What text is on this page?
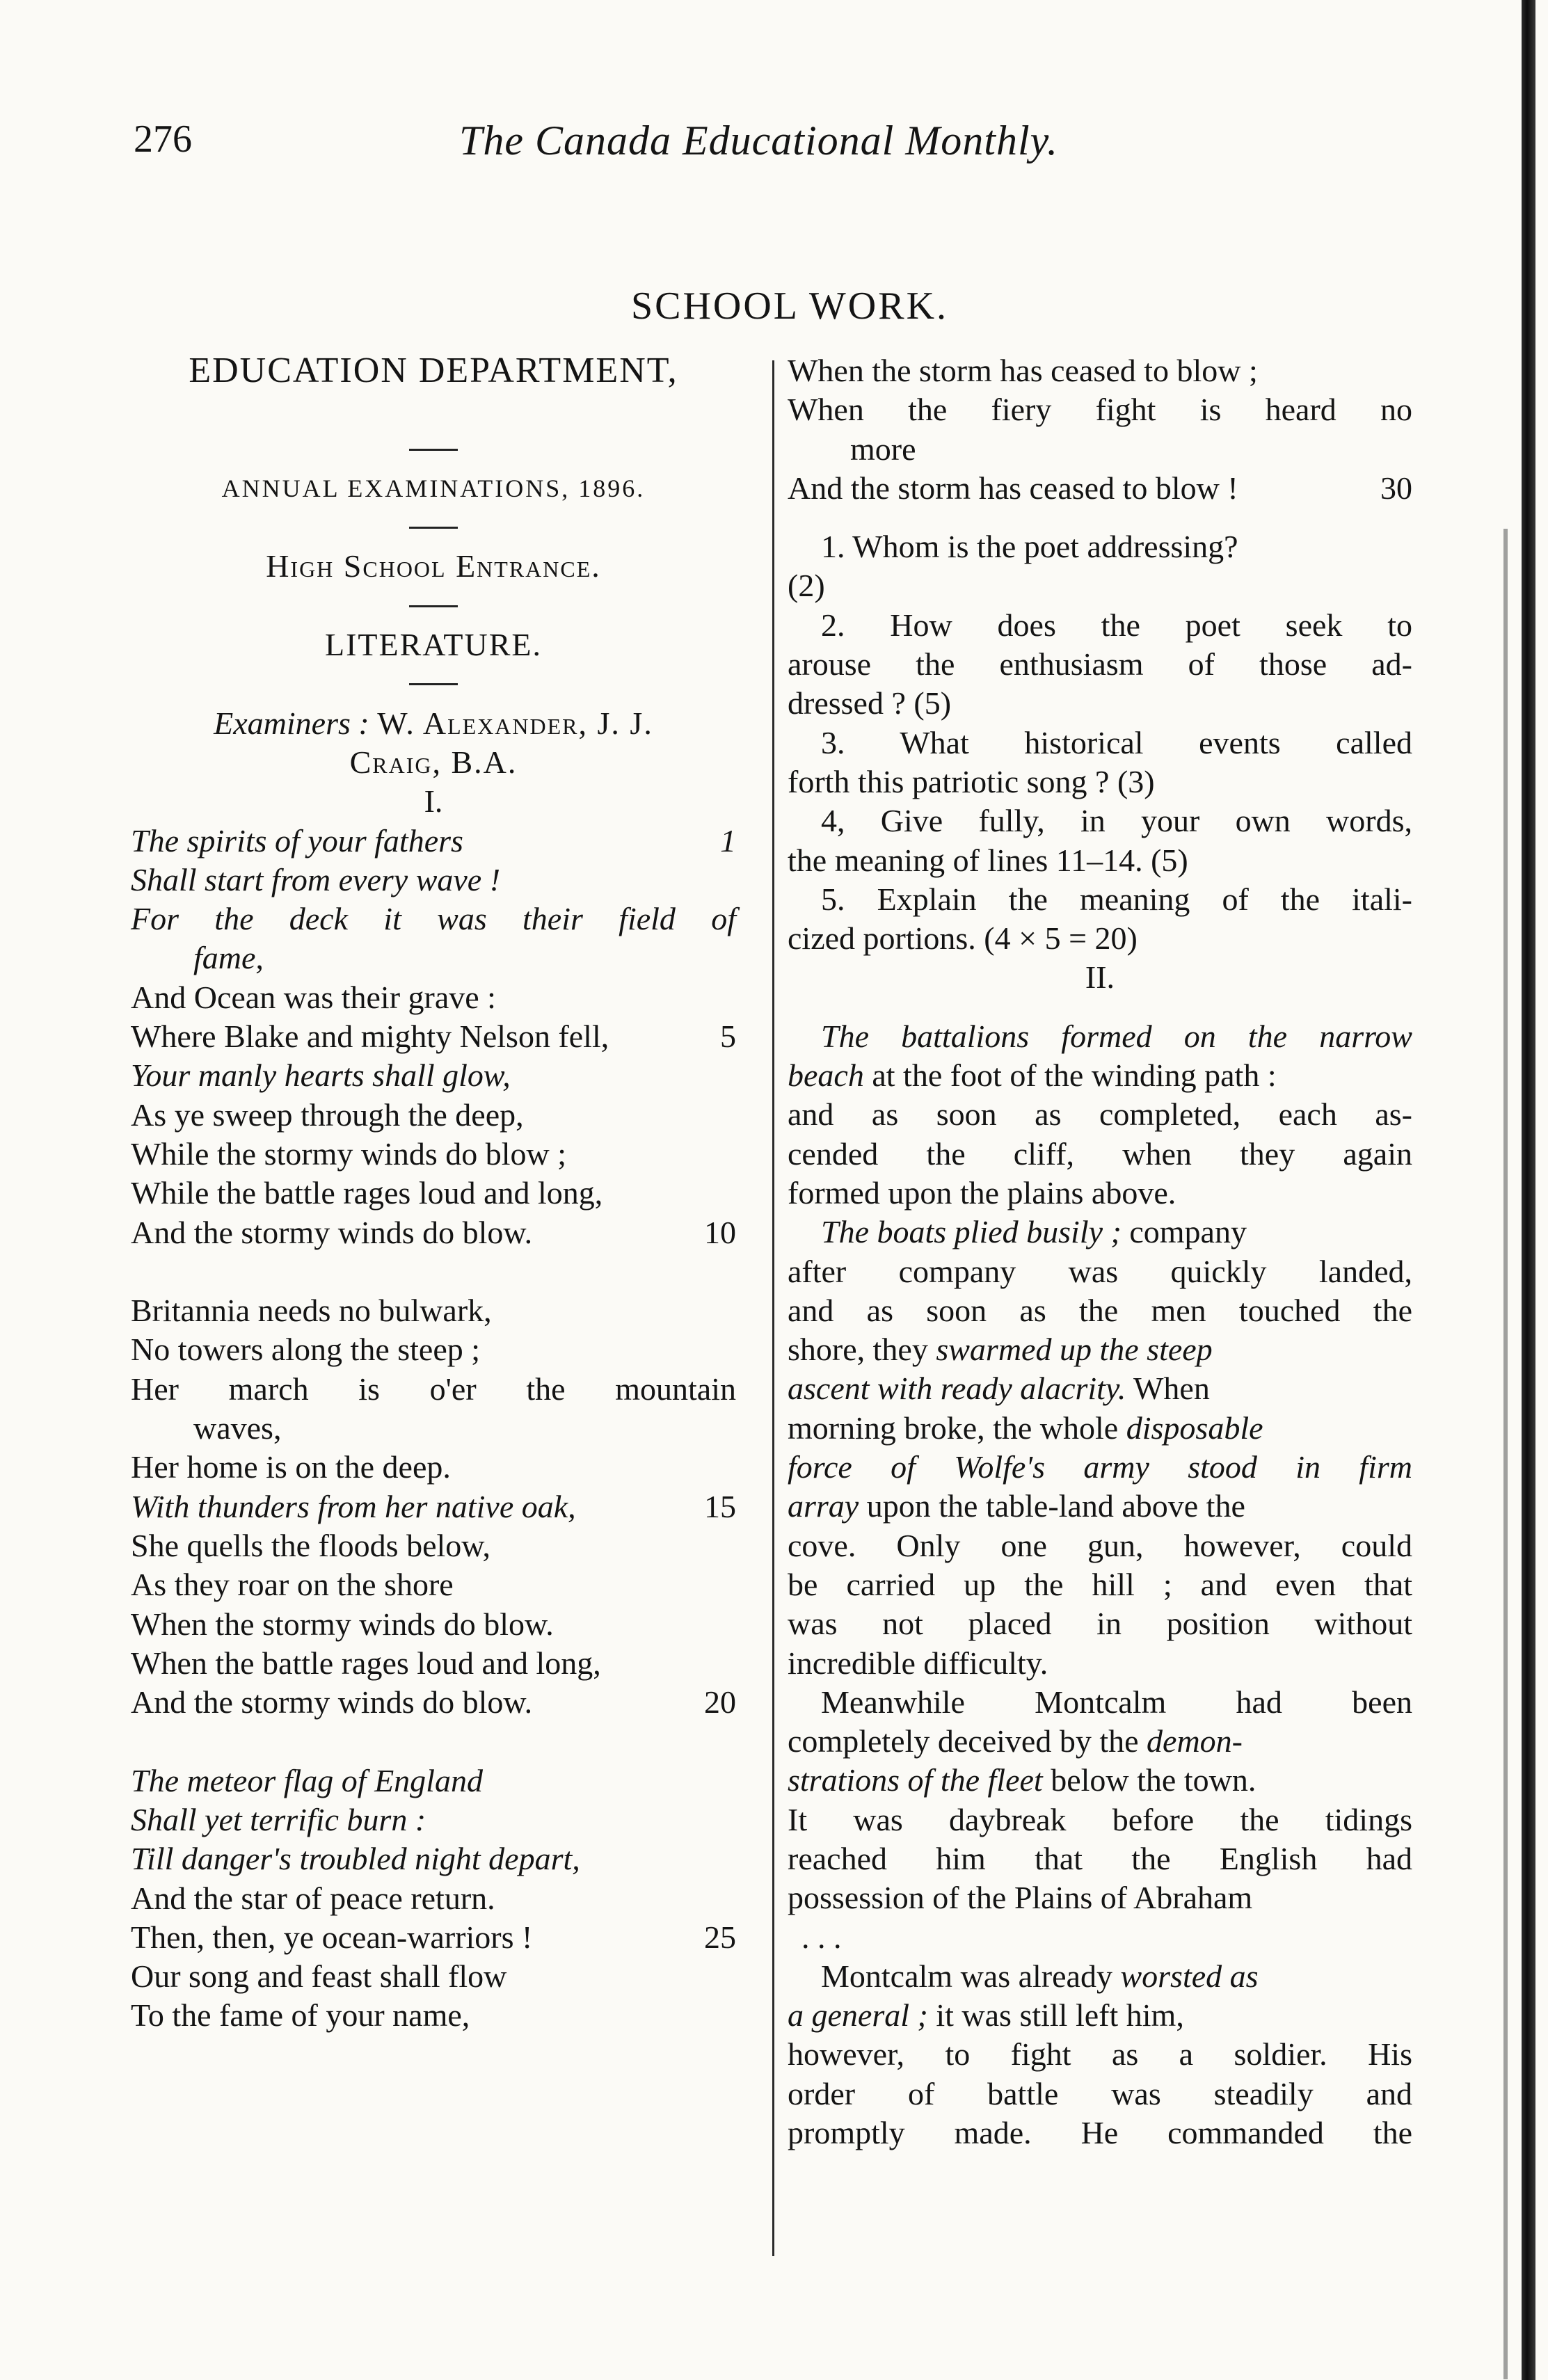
276	The Canada Educational Monthly.
SCHOOL WORK.
EDUCATION DEPARTMENT,
ANNUAL EXAMINATIONS, 1896.
High School Entrance.
LITERATURE.
Examiners : W. Alexander, J. J.
Craig, B.A.
I.
The spirits of your fathers	1
Shall start from every wave !
For the deck it was their field of
fame,
And Ocean was their grave :
Where Blake and mighty Nelson fell,	5
Your manly hearts shall glow,
As ye sweep through the deep,
While the stormy winds do blow ;
While the battle rages loud and long,
And the stormy winds do blow.	10
Britannia needs no bulwark,
No towers along the steep ;
Her march is o'er the mountain
waves,
Her home is on the deep.
With thunders from her native oak,	15
She quells the floods below,
As they roar on the shore
When the stormy winds do blow.
When the battle rages loud and long,
And the stormy winds do blow.	20
The meteor flag of England
Shall yet terrific burn :
Till danger's troubled night depart,
And the star of peace return.
Then, then, ye ocean-warriors !	25
Our song and feast shall flow
To the fame of your name,
When the storm has ceased to blow ;
When the fiery fight is heard no
more
And the storm has ceased to blow !	30
1. Whom is the poet addressing?
(2)
2. How does the poet seek to
arouse the enthusiasm of those ad-
dressed ? (5)
3. What historical events called
forth this patriotic song ? (3)
4, Give fully, in your own words,
the meaning of lines 11–14. (5)
5. Explain the meaning of the itali-
cized portions. (4 × 5 = 20)
II.
The battalions formed on the narrow
beach at the foot of the winding path :
and as soon as completed, each as-
cended the cliff, when they again
formed upon the plains above.
The boats plied busily ; company
after company was quickly landed,
and as soon as the men touched the
shore, they swarmed up the steep
ascent with ready alacrity. When
morning broke, the whole disposable
force of Wolfe's army stood in firm
array upon the table-land above the
cove. Only one gun, however, could
be carried up the hill ; and even that
was not placed in position without
incredible difficulty.
Meanwhile Montcalm had been
completely deceived by the demon-
strations of the fleet below the town.
It was daybreak before the tidings
reached him that the English had
possession of the Plains of Abraham
. . .
Montcalm was already worsted as
a general ; it was still left him,
however, to fight as a soldier. His
order of battle was steadily and
promptly made. He commanded the
